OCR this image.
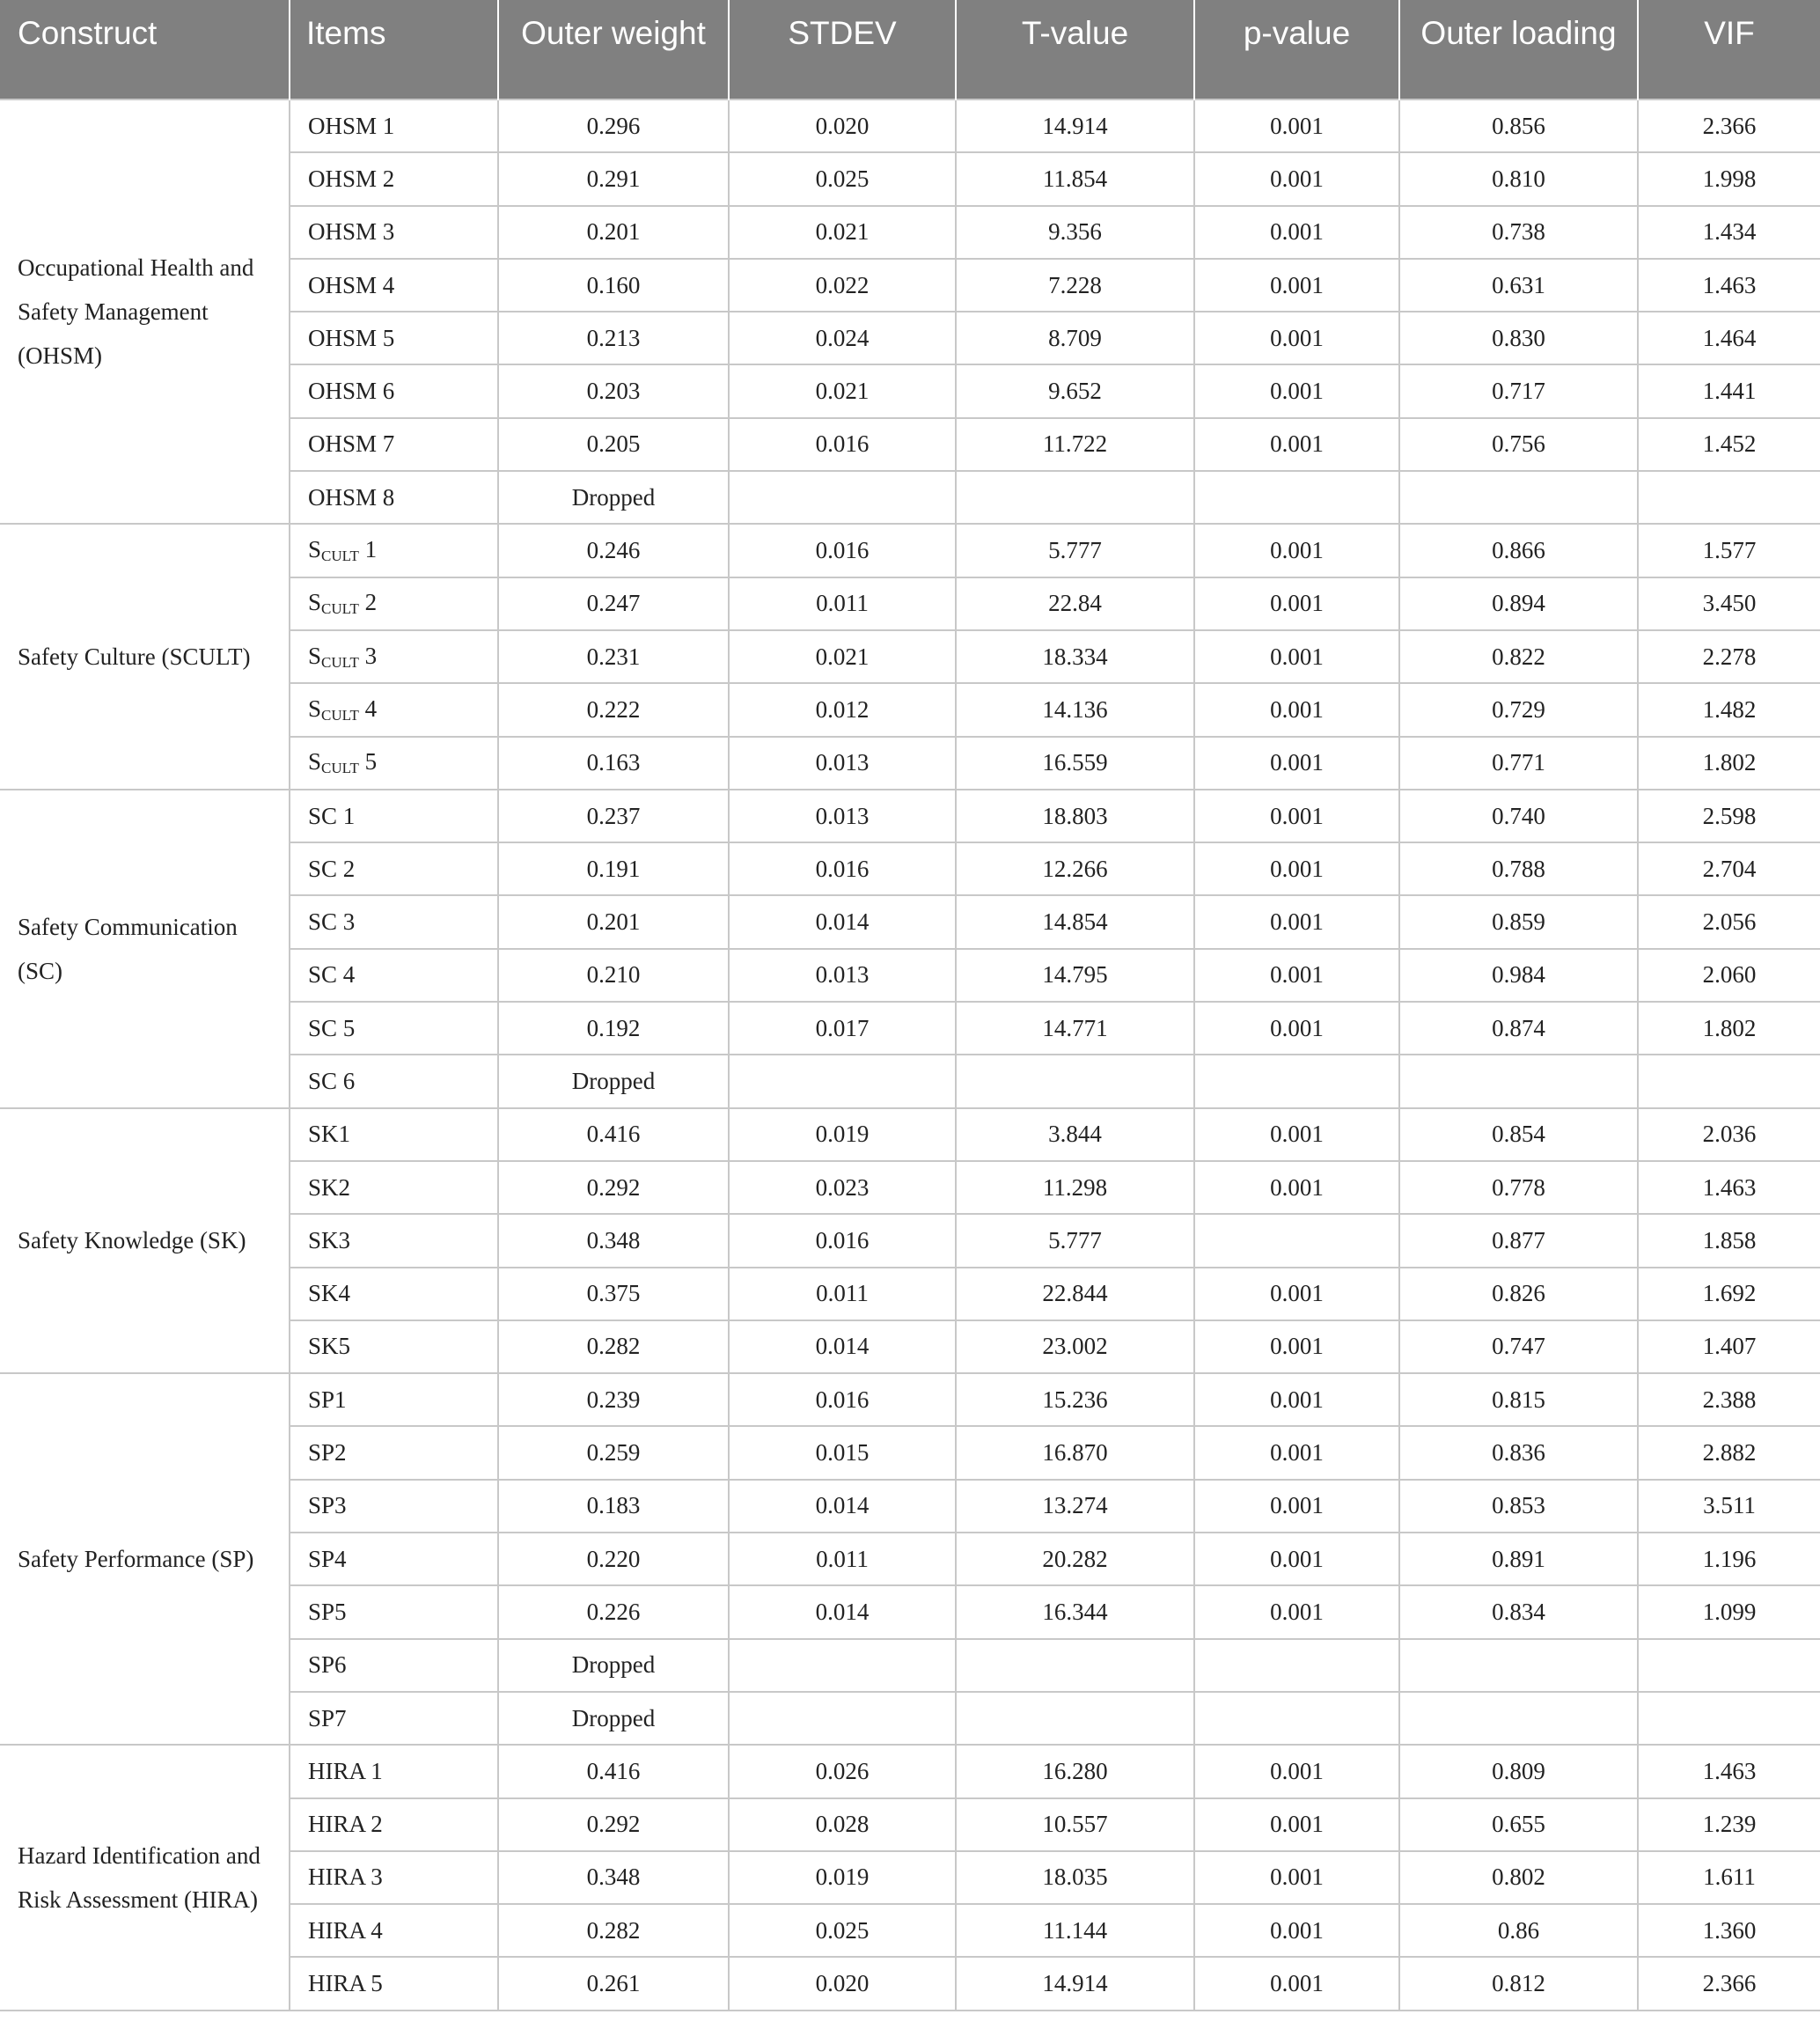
Construct	Items	Outer weight	STDEV	T-value	p-value	Outer loading	VIF
Occupational Health and Safety Management (OHSM)	OHSM 1	0.296	0.020	14.914	0.001	0.856	2.366
	OHSM 2	0.291	0.025	11.854	0.001	0.810	1.998
	OHSM 3	0.201	0.021	9.356	0.001	0.738	1.434
	OHSM 4	0.160	0.022	7.228	0.001	0.631	1.463
	OHSM 5	0.213	0.024	8.709	0.001	0.830	1.464
	OHSM 6	0.203	0.021	9.652	0.001	0.717	1.441
	OHSM 7	0.205	0.016	11.722	0.001	0.756	1.452
	OHSM 8	Dropped					
Safety Culture (SCULT)	$S_{CULT}$ 1	0.246	0.016	5.777	0.001	0.866	1.577
	$S_{CULT}$ 2	0.247	0.011	22.84	0.001	0.894	3.450
	$S_{CULT}$ 3	0.231	0.021	18.334	0.001	0.822	2.278
	$S_{CULT}$ 4	0.222	0.012	14.136	0.001	0.729	1.482
	$S_{CULT}$ 5	0.163	0.013	16.559	0.001	0.771	1.802
Safety Communication (SC)	SC 1	0.237	0.013	18.803	0.001	0.740	2.598
	SC 2	0.191	0.016	12.266	0.001	0.788	2.704
	SC 3	0.201	0.014	14.854	0.001	0.859	2.056
	SC 4	0.210	0.013	14.795	0.001	0.984	2.060
	SC 5	0.192	0.017	14.771	0.001	0.874	1.802
	SC 6	Dropped					
Safety Knowledge (SK)	SK1	0.416	0.019	3.844	0.001	0.854	2.036
	SK2	0.292	0.023	11.298	0.001	0.778	1.463
	SK3	0.348	0.016	5.777		0.877	1.858
	SK4	0.375	0.011	22.844	0.001	0.826	1.692
	SK5	0.282	0.014	23.002	0.001	0.747	1.407
Safety Performance (SP)	SP1	0.239	0.016	15.236	0.001	0.815	2.388
	SP2	0.259	0.015	16.870	0.001	0.836	2.882
	SP3	0.183	0.014	13.274	0.001	0.853	3.511
	SP4	0.220	0.011	20.282	0.001	0.891	1.196
	SP5	0.226	0.014	16.344	0.001	0.834	1.099
	SP6	Dropped					
	SP7	Dropped					
Hazard Identification and Risk Assessment (HIRA)	HIRA 1	0.416	0.026	16.280	0.001	0.809	1.463
	HIRA 2	0.292	0.028	10.557	0.001	0.655	1.239
	HIRA 3	0.348	0.019	18.035	0.001	0.802	1.611
	HIRA 4	0.282	0.025	11.144	0.001	0.86	1.360
	HIRA 5	0.261	0.020	14.914	0.001	0.812	2.366
